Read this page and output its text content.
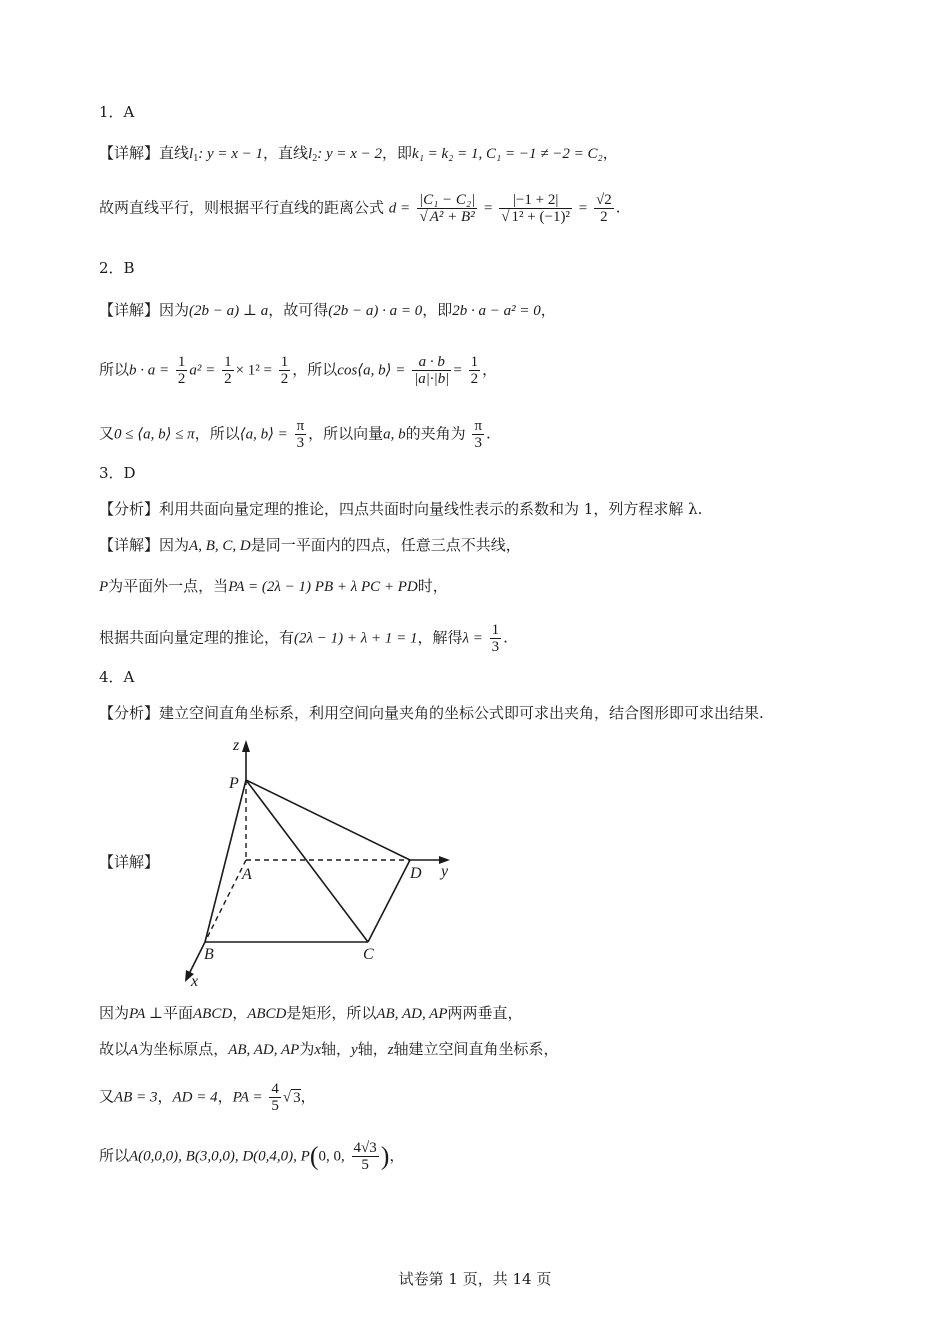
1．A
【详解】直线$l_1$: y = x − 1，直线$l_2$: y = x − 2，即k₁ = k₂ = 1, C₁ = −1 ≠ −2 = C₂，
故两直线平行，则根据平行直线的距离公式 $d = \frac{\text{|C₁ − C₂|}}{\text{√ A² + B²}} = \frac{|-1 + 2|}{\text{√ 1² + (−1)²}} = \frac{√2}{2}$ .
2．B
【详解】因为(2b − a) ⊥ a，故可得(2b − a) · a = 0，即2b · a − a² = 0，
所以$b \cdot a = \frac{1}{2} a^2 = \frac{1}{2} \times 1^2 = \frac{1}{2}$ ，所以cos⟨a, b⟩ = $\frac{a \cdot b}{|a|\cdot|b|} = \frac{1}{2}$ ，
又0 ≤ ⟨a, b⟩ ≤ π，所以⟨a, b⟩ = $\frac{\pi}{3}$ ，所以向量a, b的夹角为 $\frac{\pi}{3}$ .
3．D
【分析】利用共面向量定理的推论，四点共面时向量线性表示的系数和为 1，列方程求解 λ.
【详解】因为A, B, C, D是同一平面内的四点，任意三点不共线，
P为平面外一点，当PA = (2λ − 1) PB + λ PC + PD时，
根据共面向量定理的推论，有(2λ − 1) + λ + 1 = 1，解得$\lambda = \frac{1}{3}$ .
4．A
【分析】建立空间直角坐标系，利用空间向量夹角的坐标公式即可求出夹角，结合图形即可求出结果.
【详解】
z
P
A	D y
B	C
x
因为PA ⊥平面ABCD，ABCD是矩形，所以AB, AD, AP两两垂直，
故以A为坐标原点，AB, AD, AP为x轴，y轴，z轴建立空间直角坐标系，
又AB = 3，AD = 4，PA = $\frac{4}{5}$ √ 3，
所以A(0,0,0), B(3,0,0), D(0,4,0), P(0, 0, $\frac{4√3}{5}$ )，
试卷第 1 页，共 14 页
